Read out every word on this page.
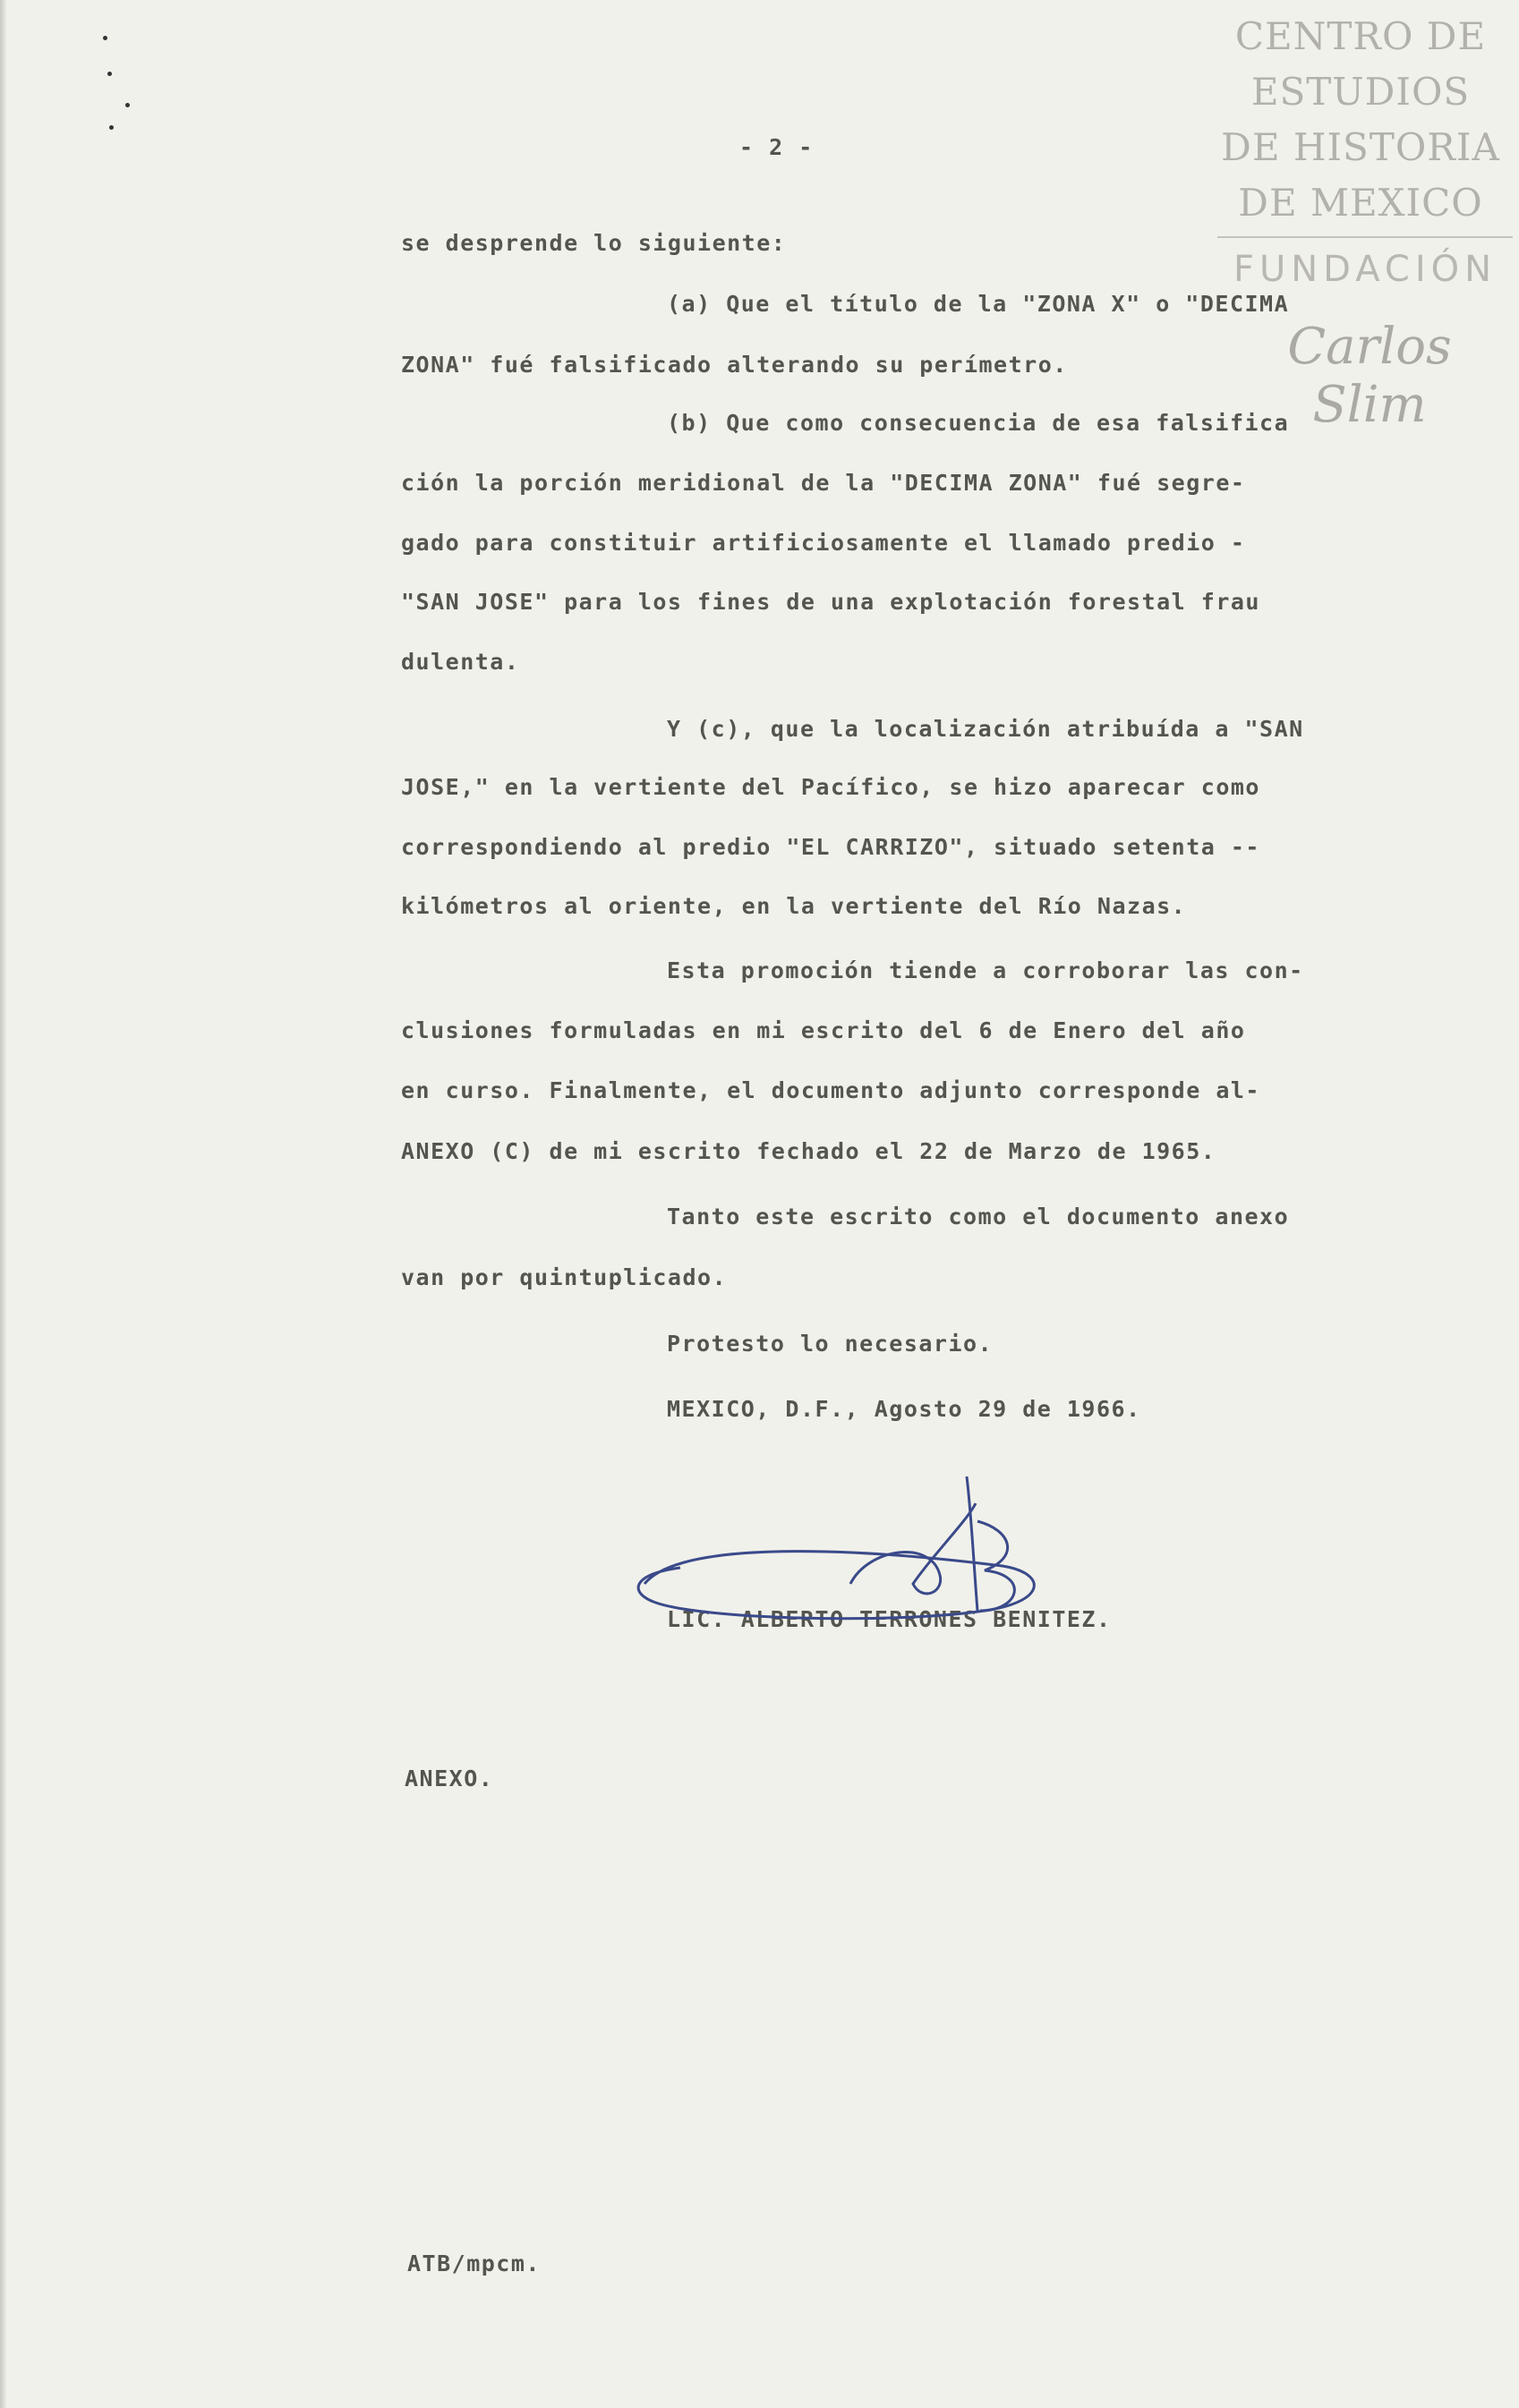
CENTRO DE
ESTUDIOS
DE HISTORIA
DE MEXICO
FUNDACIÓN
Carlos Slim
- 2 -
se desprende lo siguiente:
(a) Que el título de la "ZONA X" o "DECIMA
ZONA" fué falsificado alterando su perímetro.
(b) Que como consecuencia de esa falsifica
ción la porción meridional de la "DECIMA ZONA" fué segre-
gado para constituir artificiosamente el llamado predio -
"SAN JOSE" para los fines de una explotación forestal frau
dulenta.
Y (c), que la localización atribuída a "SAN
JOSE," en la vertiente del Pacífico, se hizo aparecar como
correspondiendo al predio "EL CARRIZO", situado setenta --
kilómetros al oriente, en la vertiente del Río Nazas.
Esta promoción tiende a corroborar las con-
clusiones formuladas en mi escrito del 6 de Enero del año
en curso. Finalmente, el documento adjunto corresponde al-
ANEXO (C) de mi escrito fechado el 22 de Marzo de 1965.
Tanto este escrito como el documento anexo
van por quintuplicado.
Protesto lo necesario.
MEXICO, D.F., Agosto 29 de 1966.
LIC. ALBERTO TERRONES BENITEZ.
ANEXO.
ATB/mpcm.
